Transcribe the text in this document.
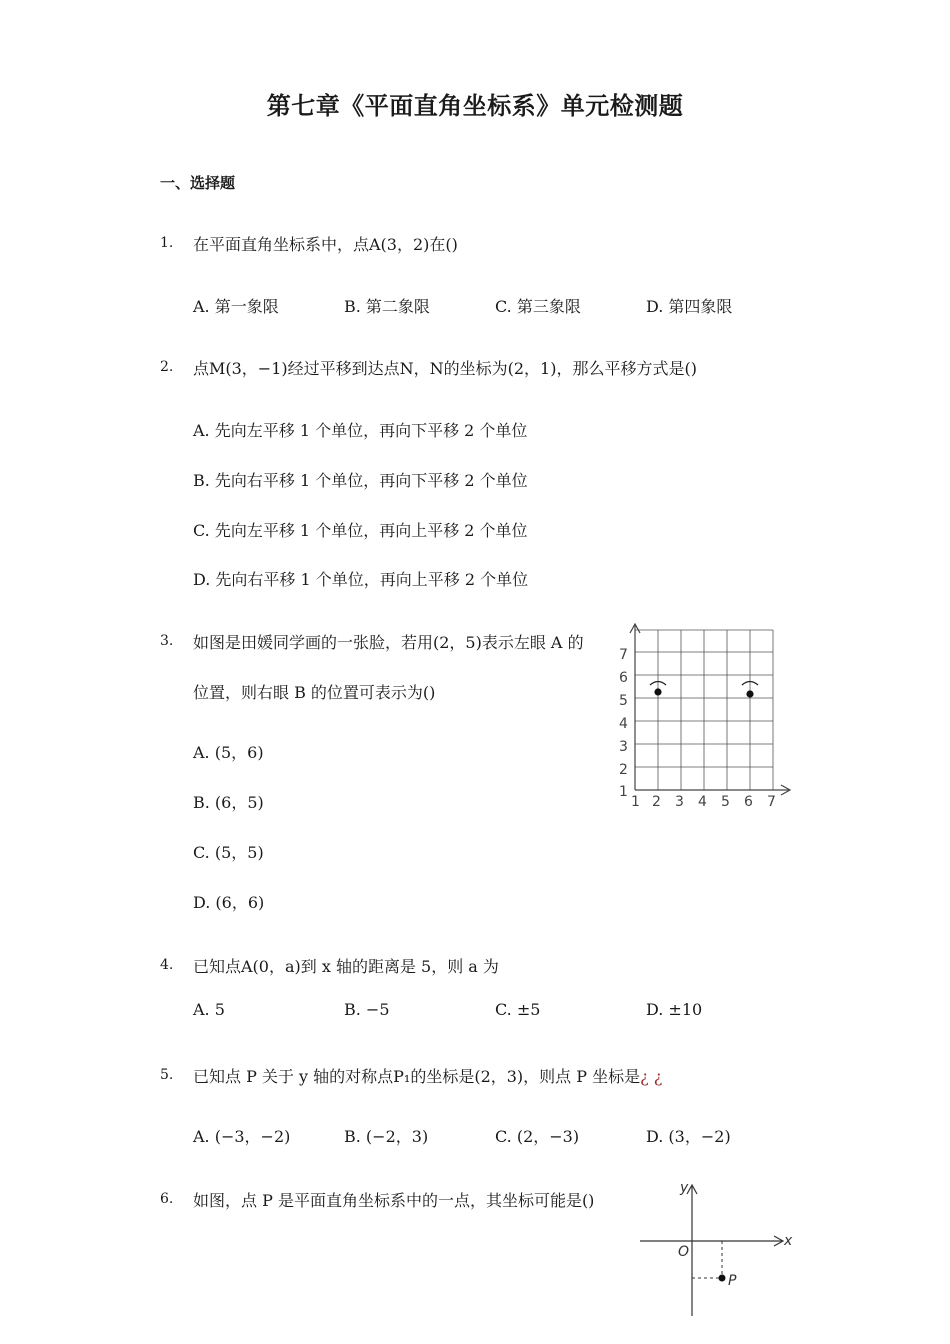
第七章《平面直角坐标系》单元检测题
一、选择题
1. 在平面直角坐标系中，点A(3，2)在()
A. 第一象限	B. 第二象限	C. 第三象限	D. 第四象限
2. 点M(3，−1)经过平移到达点N，N的坐标为(2，1)，那么平移方式是()
A. 先向左平移 1 个单位，再向下平移 2 个单位
B. 先向右平移 1 个单位，再向下平移 2 个单位
C. 先向左平移 1 个单位，再向上平移 2 个单位
D. 先向右平移 1 个单位，再向上平移 2 个单位
3. 如图是田媛同学画的一张脸，若用(2，5)表示左眼 A 的
位置，则右眼 B 的位置可表示为()
A. (5，6)
B. (6，5)
C. (5，5)
D. (6，6)
1 2 3 4 5 6 7
1
2
3
4
5
6
7
4. 已知点A(0，a)到 x 轴的距离是 5，则 a 为
A. 5	B. −5	C. ±5	D. ±10
5. 已知点 P 关于 y 轴的对称点P₁的坐标是(2，3)，则点 P 坐标是¿ ¿
A. (−3，−2)	B. (−2，3)	C. (2，−3)	D. (3，−2)
6. 如图，点 P 是平面直角坐标系中的一点，其坐标可能是()
y
x
O
P
